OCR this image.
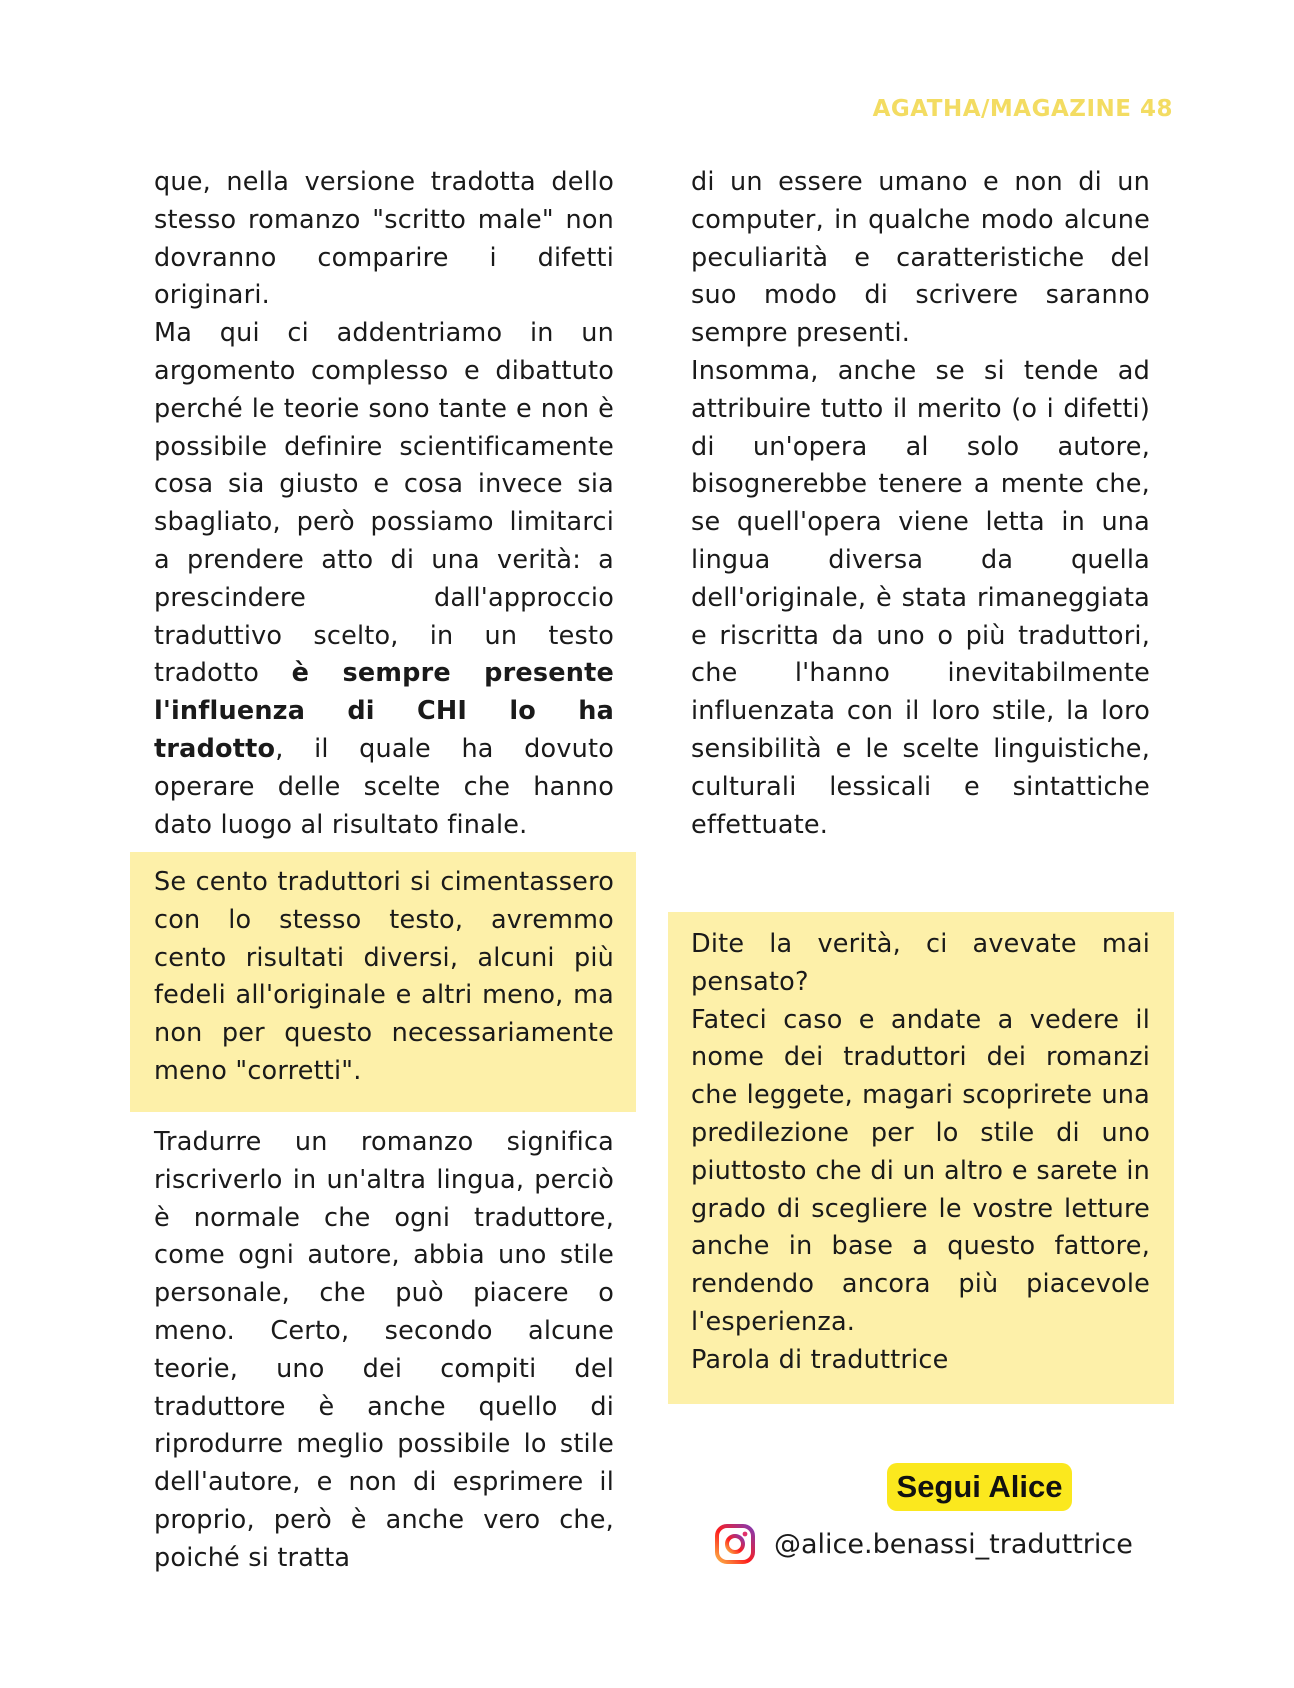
AGATHA/MAGAZINE 48

que, nella versione tradotta dello stesso romanzo "scritto male" non dovranno comparire i difetti originari.

Ma qui ci addentriamo in un argomento complesso e dibattuto perché le teorie sono tante e non è possibile definire scientificamente cosa sia giusto e cosa invece sia sbagliato, però possiamo limitarci a prendere atto di una verità: a prescindere dall'approccio traduttivo scelto, in un testo tradotto è sempre presente l'influenza di CHI lo ha tradotto, il quale ha dovuto operare delle scelte che hanno dato luogo al risultato finale.

Se cento traduttori si cimentassero con lo stesso testo, avremmo cento risultati diversi, alcuni più fedeli all'originale e altri meno, ma non per questo necessariamente meno "corretti".
Tradurre un romanzo significa riscriverlo in un'altra lingua, perciò è normale che ogni traduttore, come ogni autore, abbia uno stile personale, che può piacere o meno. Certo, secondo alcune teorie, uno dei compiti del traduttore è anche quello di riprodurre meglio possibile lo stile dell'autore, e non di esprimere il proprio, però è anche vero che, poiché si tratta

di un essere umano e non di un computer, in qualche modo alcune peculiarità e caratteristiche del suo modo di scrivere saranno sempre presenti.

Insomma, anche se si tende ad attribuire tutto il merito (o i difetti) di un'opera al solo autore, bisognerebbe tenere a mente che, se quell'opera viene letta in una lingua diversa da quella dell'originale, è stata rimaneggiata e riscritta da uno o più traduttori, che l'hanno inevitabilmente influenzata con il loro stile, la loro sensibilità e le scelte linguistiche, culturali lessicali e sintattiche effettuate.

Dite la verità, ci avevate mai pensato?

Fateci caso e andate a vedere il nome dei traduttori dei romanzi che leggete, magari scoprirete una predilezione per lo stile di uno piuttosto che di un altro e sarete in grado di scegliere le vostre letture anche in base a questo fattore, rendendo ancora più piacevole l'esperienza.

Parola di traduttrice

Segui Alice
@alice.benassi_traduttrice
